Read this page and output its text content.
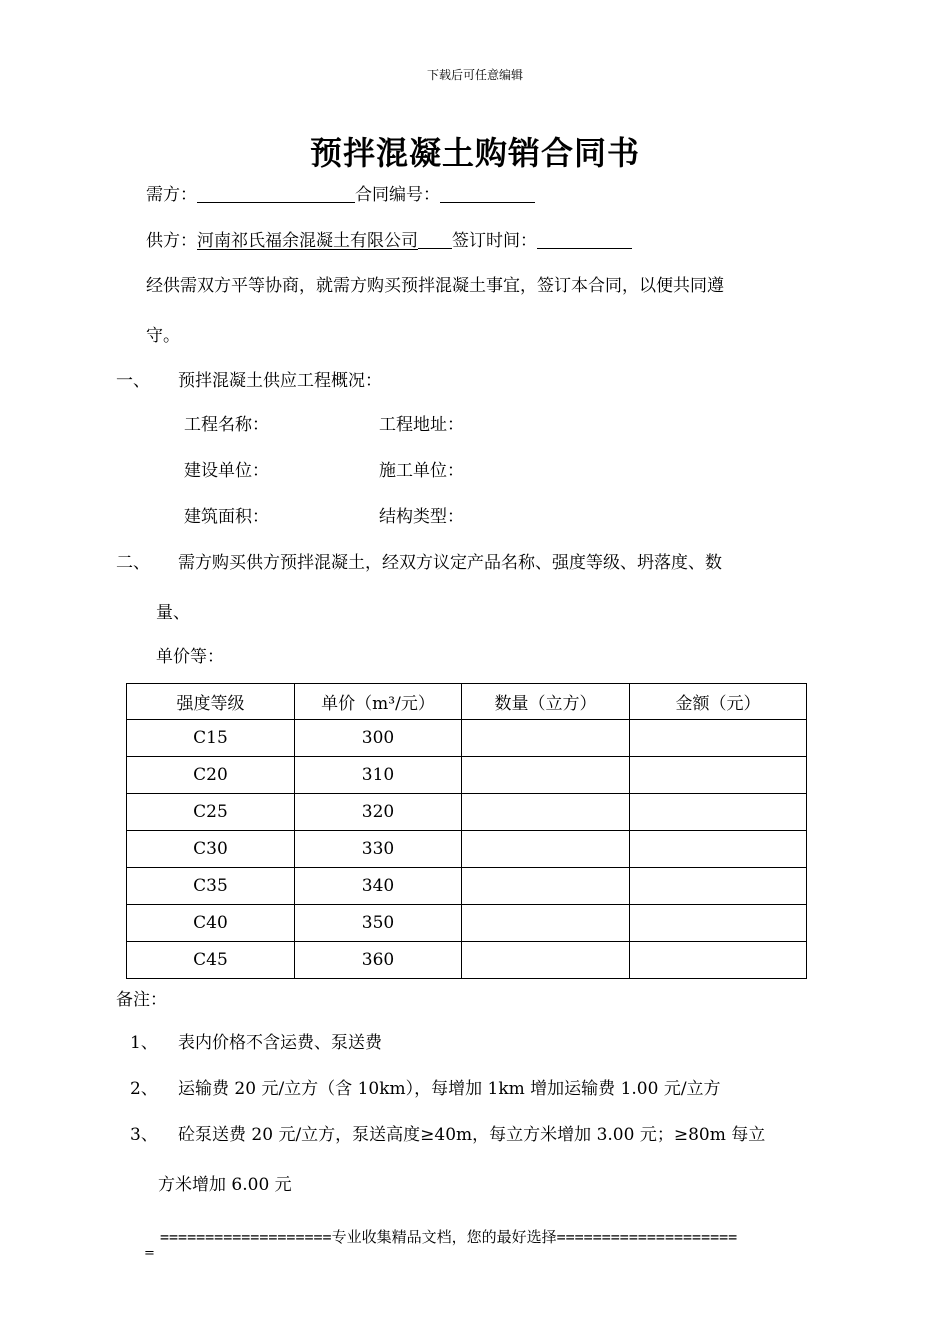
下载后可任意编辑
预拌混凝土购销合同书
需方：	合同编号：
供方：河南祁氏福余混凝土有限公司 签订时间：
经供需双方平等协商，就需方购买预拌混凝土事宜，签订本合同，以便共同遵
守。
一、 预拌混凝土供应工程概况：
工程名称：	工程地址：
建设单位：	施工单位：
建筑面积：	结构类型：
二、 需方购买供方预拌混凝土，经双方议定产品名称、强度等级、坍落度、数
量、
单价等：
强度等级	单价（m³/元）	数量（立方）	金额（元）
C15	300		
C20	310		
C25	320		
C30	330		
C35	340		
C40	350		
C45	360		
备注：
1、 表内价格不含运费、泵送费
2、 运输费 20 元/立方（含 10km），每增加 1km 增加运输费 1.00 元/立方
3、 砼泵送费 20 元/立方，泵送高度≥40m，每立方米增加 3.00 元；≥80m 每立
方米增加 6.00 元
===================专业收集精品文档，您的最好选择====================
=
